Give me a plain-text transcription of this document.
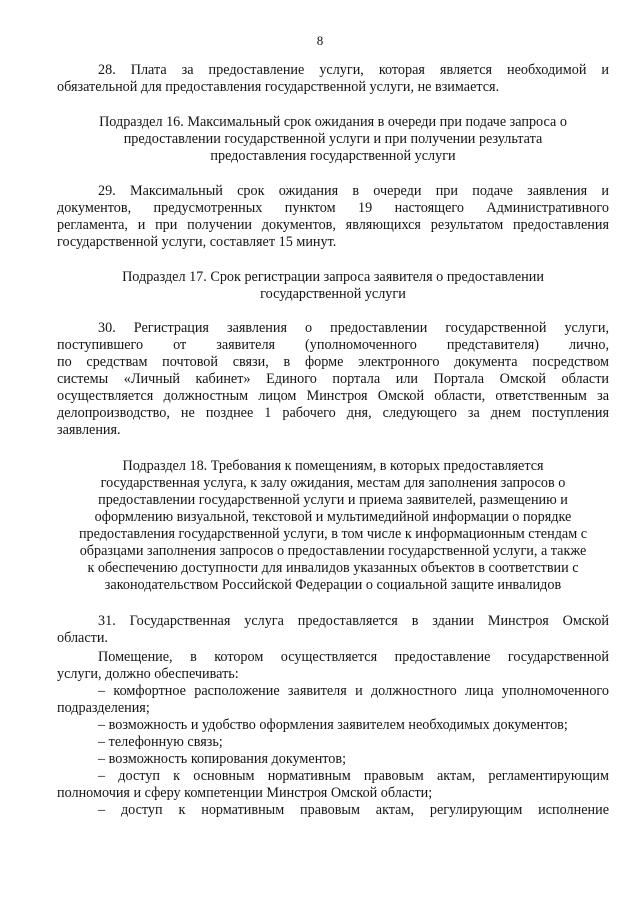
8
28. Плата за предоставление услуги, которая является необходимой и
обязательной для предоставления государственной услуги, не взимается.
Подраздел 16. Максимальный срок ожидания в очереди при подаче запроса о
предоставлении государственной услуги и при получении результата
предоставления государственной услуги
29. Максимальный срок ожидания в очереди при подаче заявления и
документов, предусмотренных пунктом 19 настоящего Административного
регламента, и при получении документов, являющихся результатом предоставления
государственной услуги, составляет 15 минут.
Подраздел 17. Срок регистрации запроса заявителя о предоставлении
государственной услуги
30. Регистрация заявления о предоставлении государственной услуги,
поступившего от заявителя (уполномоченного представителя) лично,
по средствам почтовой связи, в форме электронного документа посредством
системы «Личный кабинет» Единого портала или Портала Омской области
осуществляется должностным лицом Минстроя Омской области, ответственным за
делопроизводство, не позднее 1 рабочего дня, следующего за днем поступления
заявления.
Подраздел 18. Требования к помещениям, в которых предоставляется
государственная услуга, к залу ожидания, местам для заполнения запросов о
предоставлении государственной услуги и приема заявителей, размещению и
оформлению визуальной, текстовой и мультимедийной информации о порядке
предоставления государственной услуги, в том числе к информационным стендам с
образцами заполнения запросов о предоставлении государственной услуги, а также
к обеспечению доступности для инвалидов указанных объектов в соответствии с
законодательством Российской Федерации о социальной защите инвалидов
31. Государственная услуга предоставляется в здании Минстроя Омской
области.
Помещение, в котором осуществляется предоставление государственной
услуги, должно обеспечивать:
– комфортное расположение заявителя и должностного лица уполномоченного
подразделения;
– возможность и удобство оформления заявителем необходимых документов;
– телефонную связь;
– возможность копирования документов;
– доступ к основным нормативным правовым актам, регламентирующим
полномочия и сферу компетенции Минстроя Омской области;
– доступ к нормативным правовым актам, регулирующим исполнение
